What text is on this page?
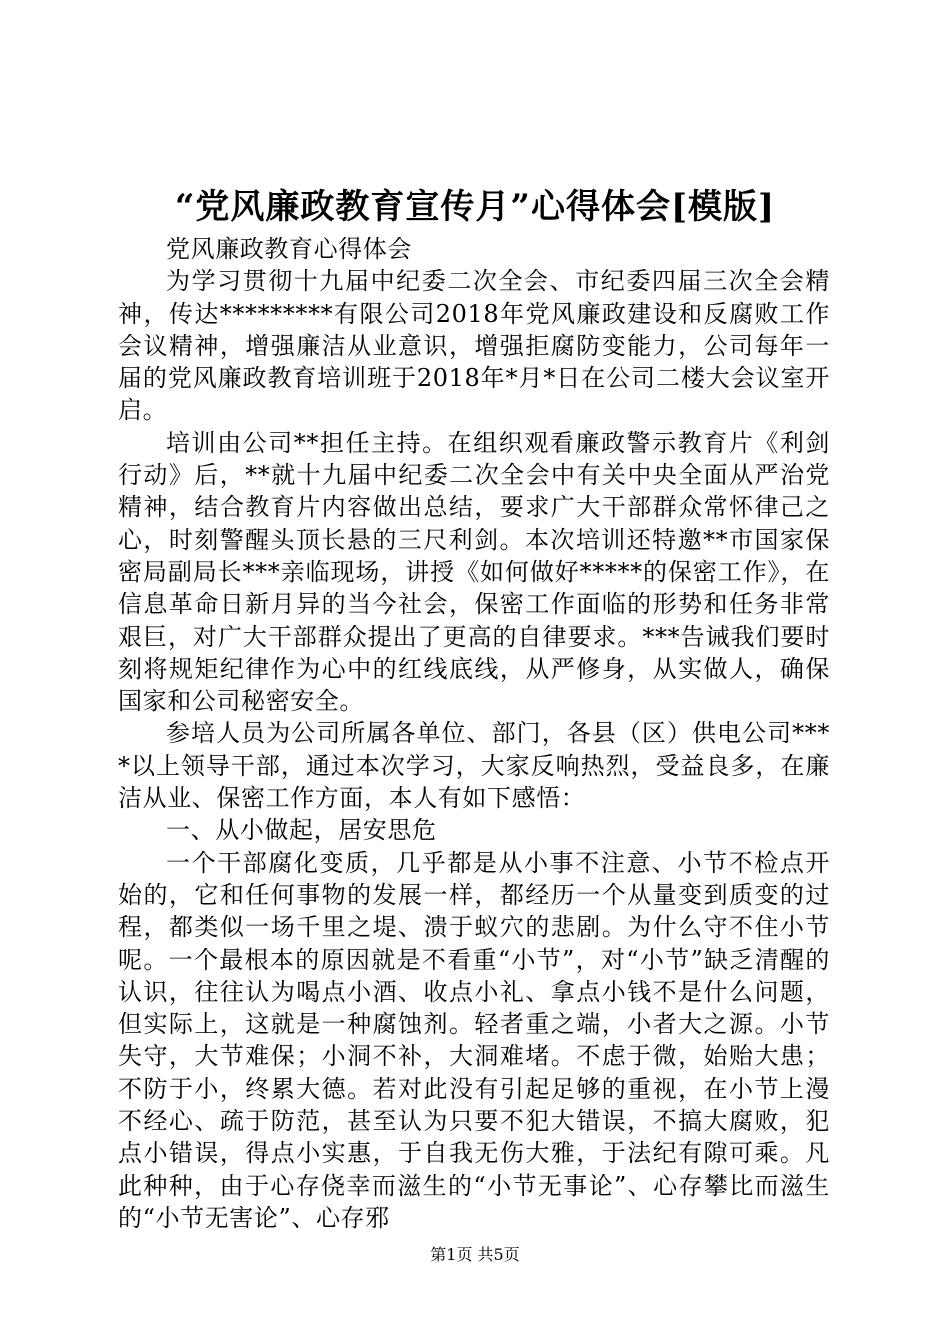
“党风廉政教育宣传月”心得体会[模版]

党风廉政教育心得体会

为学习贯彻十九届中纪委二次全会、市纪委四届三次全会精神，传达*********有限公司2018年党风廉政建设和反腐败工作会议精神，增强廉洁从业意识，增强拒腐防变能力，公司每年一届的党风廉政教育培训班于2018年*月*日在公司二楼大会议室开启。

培训由公司**担任主持。在组织观看廉政警示教育片《利剑行动》后，**就十九届中纪委二次全会中有关中央全面从严治党精神，结合教育片内容做出总结，要求广大干部群众常怀律己之心，时刻警醒头顶长悬的三尺利剑。本次培训还特邀**市国家保密局副局长***亲临现场，讲授《如何做好*****的保密工作》，在信息革命日新月异的当今社会，保密工作面临的形势和任务非常艰巨，对广大干部群众提出了更高的自律要求。***告诫我们要时刻将规矩纪律作为心中的红线底线，从严修身，从实做人，确保国家和公司秘密安全。

参培人员为公司所属各单位、部门，各县（区）供电公司****以上领导干部，通过本次学习，大家反响热烈，受益良多，在廉洁从业、保密工作方面，本人有如下感悟：

一、从小做起，居安思危

一个干部腐化变质，几乎都是从小事不注意、小节不检点开始的，它和任何事物的发展一样，都经历一个从量变到质变的过程，都类似一场千里之堤、溃于蚁穴的悲剧。为什么守不住小节呢。一个最根本的原因就是不看重“小节”，对“小节”缺乏清醒的认识，往往认为喝点小酒、收点小礼、拿点小钱不是什么问题，但实际上，这就是一种腐蚀剂。轻者重之端，小者大之源。小节失守，大节难保；小洞不补，大洞难堵。不虑于微，始贻大患；不防于小，终累大德。若对此没有引起足够的重视，在小节上漫不经心、疏于防范，甚至认为只要不犯大错误，不搞大腐败，犯点小错误，得点小实惠，于自我无伤大雅，于法纪有隙可乘。凡此种种，由于心存侥幸而滋生的“小节无事论”、心存攀比而滋生的“小节无害论”、心存邪

第1页 共5页
